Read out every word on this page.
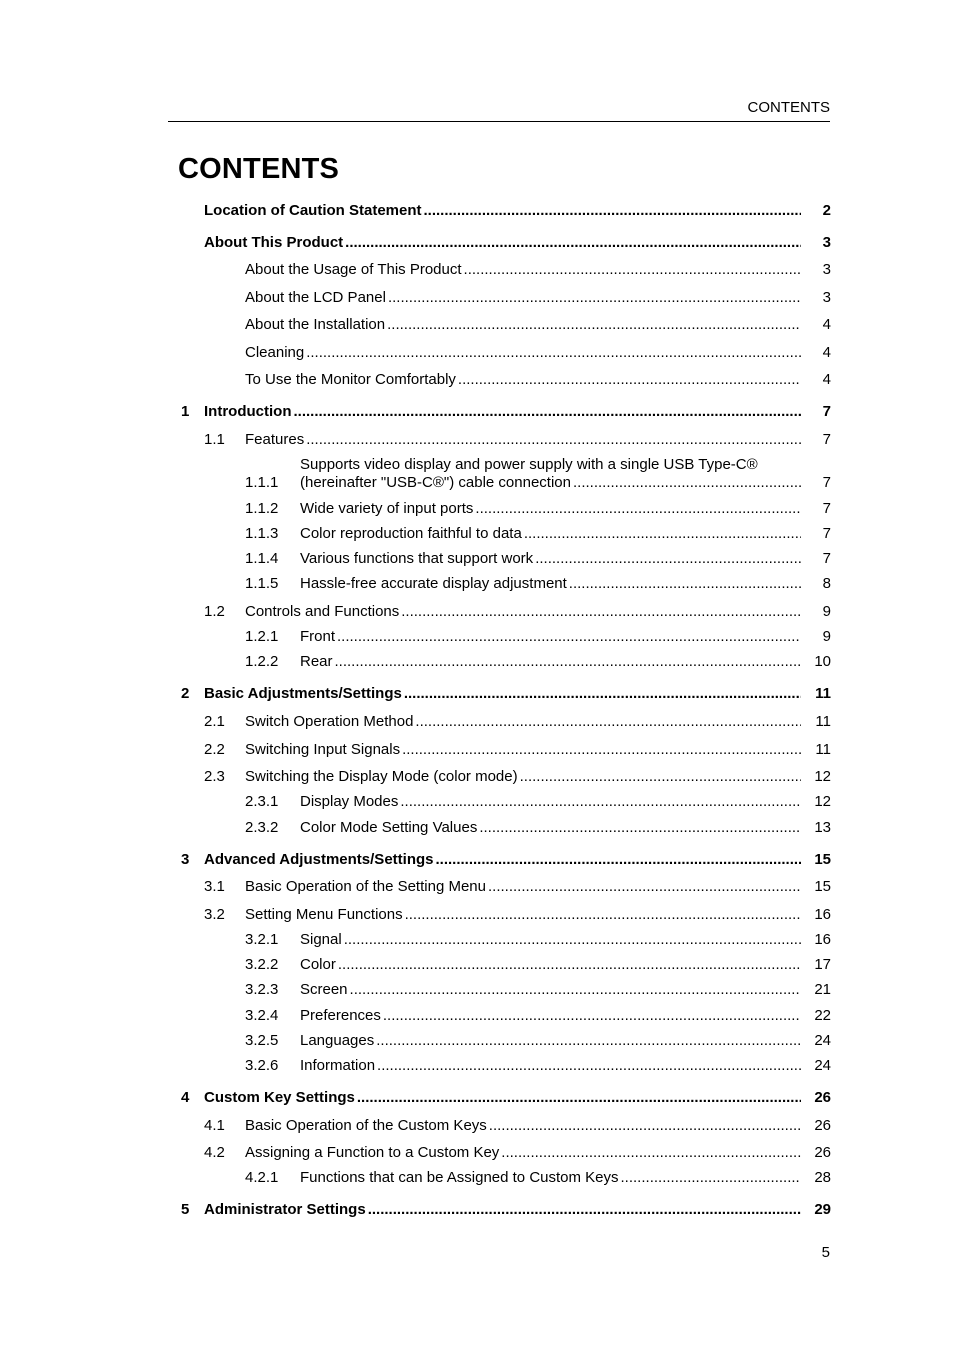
CONTENTS
CONTENTS
Location of Caution Statement .....	2
About This Product .....	3
About the Usage of This Product .....	3
About the LCD Panel .....	3
About the Installation .....	4
Cleaning .....	4
To Use the Monitor Comfortably .....	4
1 Introduction .....	7
1.1 Features .....	7
1.1.1
Supports video display and power supply with a single USB Type-C®
(hereinafter "USB-C®") cable connection .....	7
1.1.2 Wide variety of input ports .....	7
1.1.3 Color reproduction faithful to data .....	7
1.1.4 Various functions that support work .....	7
1.1.5 Hassle-free accurate display adjustment .....	8
1.2 Controls and Functions .....	9
1.2.1 Front .....	9
1.2.2 Rear .....	10
2 Basic Adjustments/Settings .....	11
2.1 Switch Operation Method .....	11
2.2 Switching Input Signals .....	11
2.3 Switching the Display Mode (color mode) .....	12
2.3.1 Display Modes .....	12
2.3.2 Color Mode Setting Values .....	13
3 Advanced Adjustments/Settings .....	15
3.1 Basic Operation of the Setting Menu .....	15
3.2 Setting Menu Functions .....	16
3.2.1 Signal .....	16
3.2.2 Color .....	17
3.2.3 Screen .....	21
3.2.4 Preferences .....	22
3.2.5 Languages .....	24
3.2.6 Information .....	24
4 Custom Key Settings .....	26
4.1 Basic Operation of the Custom Keys .....	26
4.2 Assigning a Function to a Custom Key .....	26
4.2.1 Functions that can be Assigned to Custom Keys .....	28
5 Administrator Settings .....	29
5
